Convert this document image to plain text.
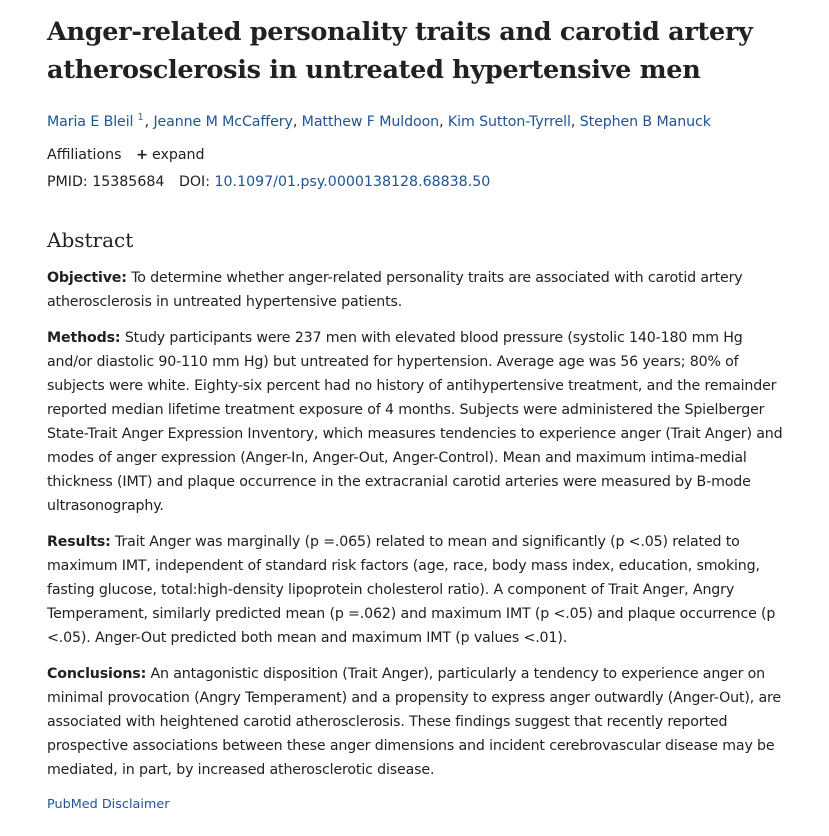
Anger-related personality traits and carotid artery atherosclerosis in untreated hypertensive men
Maria E Bleil $^1$, Jeanne M McCaffery, Matthew F Muldoon, Kim Sutton-Tyrrell, Stephen B Manuck
Affiliations + expand
PMID: 15385684 DOI: 10.1097/01.psy.0000138128.68838.50
Abstract

Objective: To determine whether anger-related personality traits are associated with carotid artery atherosclerosis in untreated hypertensive patients.

Methods: Study participants were 237 men with elevated blood pressure (systolic 140-180 mm Hg and/or diastolic 90-110 mm Hg) but untreated for hypertension. Average age was 56 years; 80% of subjects were white. Eighty-six percent had no history of antihypertensive treatment, and the remainder reported median lifetime treatment exposure of 4 months. Subjects were administered the Spielberger State-Trait Anger Expression Inventory, which measures tendencies to experience anger (Trait Anger) and modes of anger expression (Anger-In, Anger-Out, Anger-Control). Mean and maximum intima-medial thickness (IMT) and plaque occurrence in the extracranial carotid arteries were measured by B-mode ultrasonography.

Results: Trait Anger was marginally (p =.065) related to mean and significantly (p <.05) related to maximum IMT, independent of standard risk factors (age, race, body mass index, education, smoking, fasting glucose, total:high-density lipoprotein cholesterol ratio). A component of Trait Anger, Angry Temperament, similarly predicted mean (p =.062) and maximum IMT (p <.05) and plaque occurrence (p <.05). Anger-Out predicted both mean and maximum IMT (p values <.01).

Conclusions: An antagonistic disposition (Trait Anger), particularly a tendency to experience anger on minimal provocation (Angry Temperament) and a propensity to express anger outwardly (Anger-Out), are associated with heightened carotid atherosclerosis. These findings suggest that recently reported prospective associations between these anger dimensions and incident cerebrovascular disease may be mediated, in part, by increased atherosclerotic disease.

PubMed Disclaimer
